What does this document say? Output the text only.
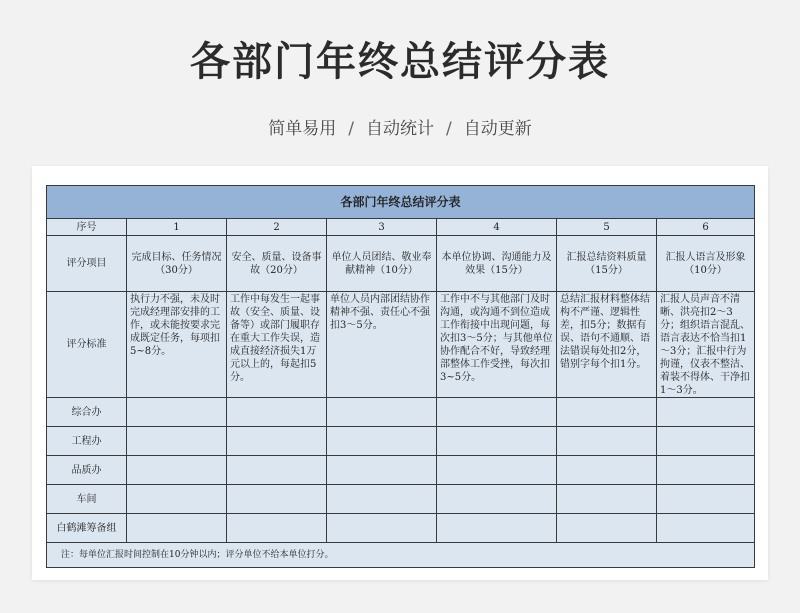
各部门年终总结评分表
简单易用 / 自动统计 / 自动更新
各部门年终总结评分表						
序号	1	2	3	4	5	6
评分项目	完成目标、任务情况（30分）	安全、质量、设备事故（20分）	单位人员团结、敬业奉献精神（10分）	本单位协调、沟通能力及效果（15分）	汇报总结资料质量（15分）	汇报人语言及形象（10分）
评分标准	执行力不强，未及时完成经理部安排的工作，或未能按要求完成既定任务，每项扣5~8分。	工作中每发生一起事故（安全、质量、设备等）或部门履职存在重大工作失误，造成直接经济损失1万元以上的，每起扣5分。	单位人员内部团结协作精神不强、责任心不强扣3～5分。	工作中不与其他部门及时沟通，或沟通不到位造成工作衔接中出现问题，每次扣3～5分；与其他单位协作配合不好，导致经理部整体工作受挫，每次扣3~5分。	总结汇报材料整体结构不严谨、逻辑性差，扣5分；数据有误、语句不通顺、语法错误每处扣2分，错别字每个扣1分。	汇报人员声音不清晰、洪亮扣2～3分；组织语言混乱、语言表达不恰当扣1～3分；汇报中行为拘谨，仪表不整洁、着装不得体、干净扣1～3分。
综合办						
工程办						
品质办						
车间						
白鹤滩筹备组						
注：每单位汇报时间控制在10分钟以内；评分单位不给本单位打分。						
